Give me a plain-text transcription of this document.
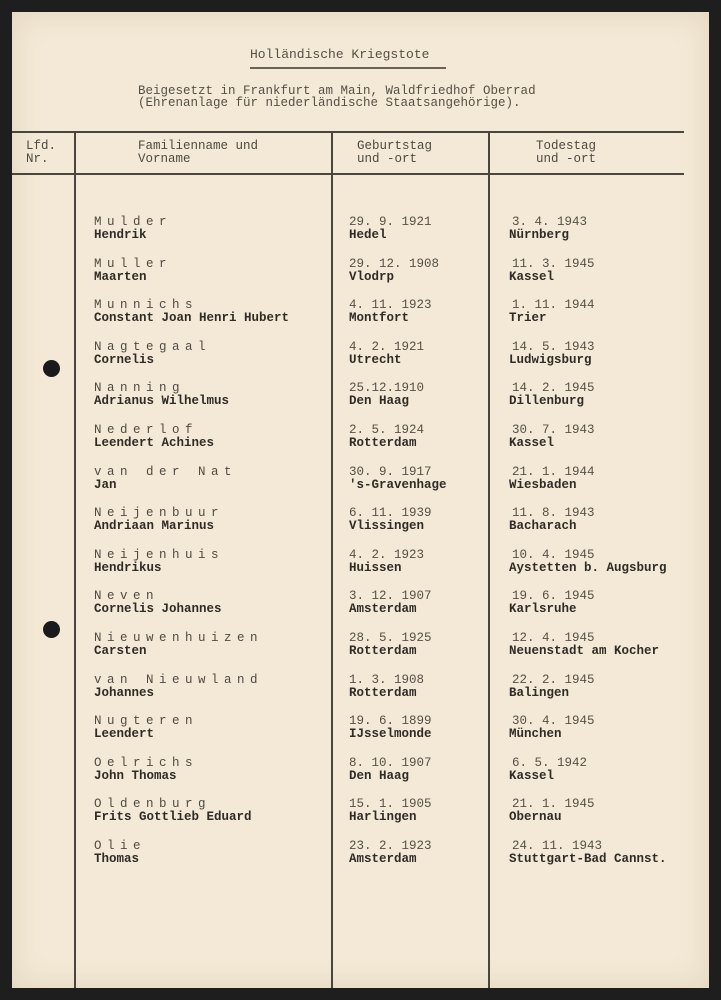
Holländische Kriegstote
Beigesetzt in Frankfurt am Main, Waldfriedhof Oberrad
(Ehrenanlage für niederländische Staatsangehörige).
Lfd.
Nr.
Familienname und
Vorname
Geburtstag
und -ort
Todestag
und -ort
Mulder
Hendrik
29. 9. 1921
Hedel
3. 4. 1943
Nürnberg
Muller
Maarten
29. 12. 1908
Vlodrp
11. 3. 1945
Kassel
Munnichs
Constant Joan Henri Hubert
4. 11. 1923
Montfort
1. 11. 1944
Trier
Nagtegaal
Cornelis
4. 2. 1921
Utrecht
14. 5. 1943
Ludwigsburg
Nanning
Adrianus Wilhelmus
25.12.1910
Den Haag
14. 2. 1945
Dillenburg
Nederlof
Leendert Achines
2. 5. 1924
Rotterdam
30. 7. 1943
Kassel
van der Nat
Jan
30. 9. 1917
's-Gravenhage
21. 1. 1944
Wiesbaden
Neijenbuur
Andriaan Marinus
6. 11. 1939
Vlissingen
11. 8. 1943
Bacharach
Neijenhuis
Hendrikus
4. 2. 1923
Huissen
10. 4. 1945
Aystetten b. Augsburg
Neven
Cornelis Johannes
3. 12. 1907
Amsterdam
19. 6. 1945
Karlsruhe
Nieuwenhuizen
Carsten
28. 5. 1925
Rotterdam
12. 4. 1945
Neuenstadt am Kocher
van Nieuwland
Johannes
1. 3. 1908
Rotterdam
22. 2. 1945
Balingen
Nugteren
Leendert
19. 6. 1899
IJsselmonde
30. 4. 1945
München
Oelrichs
John Thomas
8. 10. 1907
Den Haag
6. 5. 1942
Kassel
Oldenburg
Frits Gottlieb Eduard
15. 1. 1905
Harlingen
21. 1. 1945
Obernau
Olie
Thomas
23. 2. 1923
Amsterdam
24. 11. 1943
Stuttgart-Bad Cannst.
